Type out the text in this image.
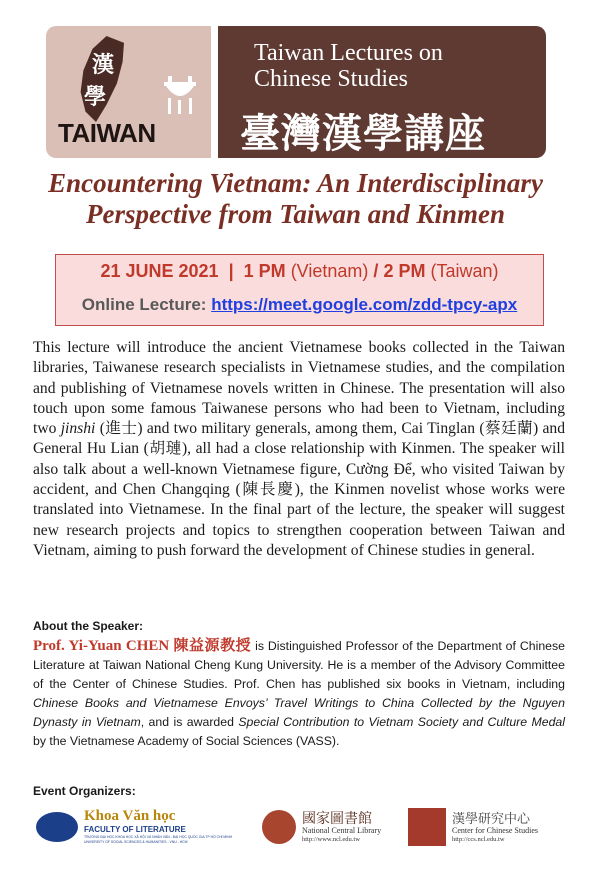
漢
學
TAIWAN
Taiwan Lectures on
Chinese Studies
臺灣漢學講座
Encountering Vietnam: An Interdisciplinary
Perspective from Taiwan and Kinmen
21 JUNE 2021 | 1 PM (Vietnam) / 2 PM (Taiwan)
Online Lecture: https://meet.google.com/zdd-tpcy-apx
This lecture will introduce the ancient Vietnamese books collected in the Taiwan libraries, Taiwanese research specialists in Vietnamese studies, and the compilation and publishing of Vietnamese novels written in Chinese. The presentation will also touch upon some famous Taiwanese persons who had been to Vietnam, including two jinshi (進士) and two military generals, among them, Cai Tinglan (蔡廷蘭) and General Hu Lian (胡璉), all had a close relationship with Kinmen. The speaker will also talk about a well-known Vietnamese figure, Cường Để, who visited Taiwan by accident, and Chen Changqing (陳長慶), the Kinmen novelist whose works were translated into Vietnamese. In the final part of the lecture, the speaker will suggest new research projects and topics to strengthen cooperation between Taiwan and Vietnam, aiming to push forward the development of Chinese studies in general.
About the Speaker:
Prof. Yi-Yuan CHEN 陳益源教授 is Distinguished Professor of the Department of Chinese Literature at Taiwan National Cheng Kung University. He is a member of the Advisory Committee of the Center of Chinese Studies. Prof. Chen has published six books in Vietnam, including Chinese Books and Vietnamese Envoys’ Travel Writings to China Collected by the Nguyen Dynasty in Vietnam, and is awarded Special Contribution to Vietnam Society and Culture Medal by the Vietnamese Academy of Social Sciences (VASS).
Event Organizers:
Khoa Văn học
FACULTY OF LITERATURE
TRƯỜNG ĐẠI HỌC KHOA HỌC XÃ HỘI VÀ NHÂN VĂN - ĐẠI HỌC QUỐC GIA TP HỒ CHÍ MINH
UNIVERSITY OF SOCIAL SCIENCES & HUMANITIES - VNU - HCM
國家圖書館
National Central Library
http://www.ncl.edu.tw
漢學研究中心
Center for Chinese Studies
http://ccs.ncl.edu.tw
